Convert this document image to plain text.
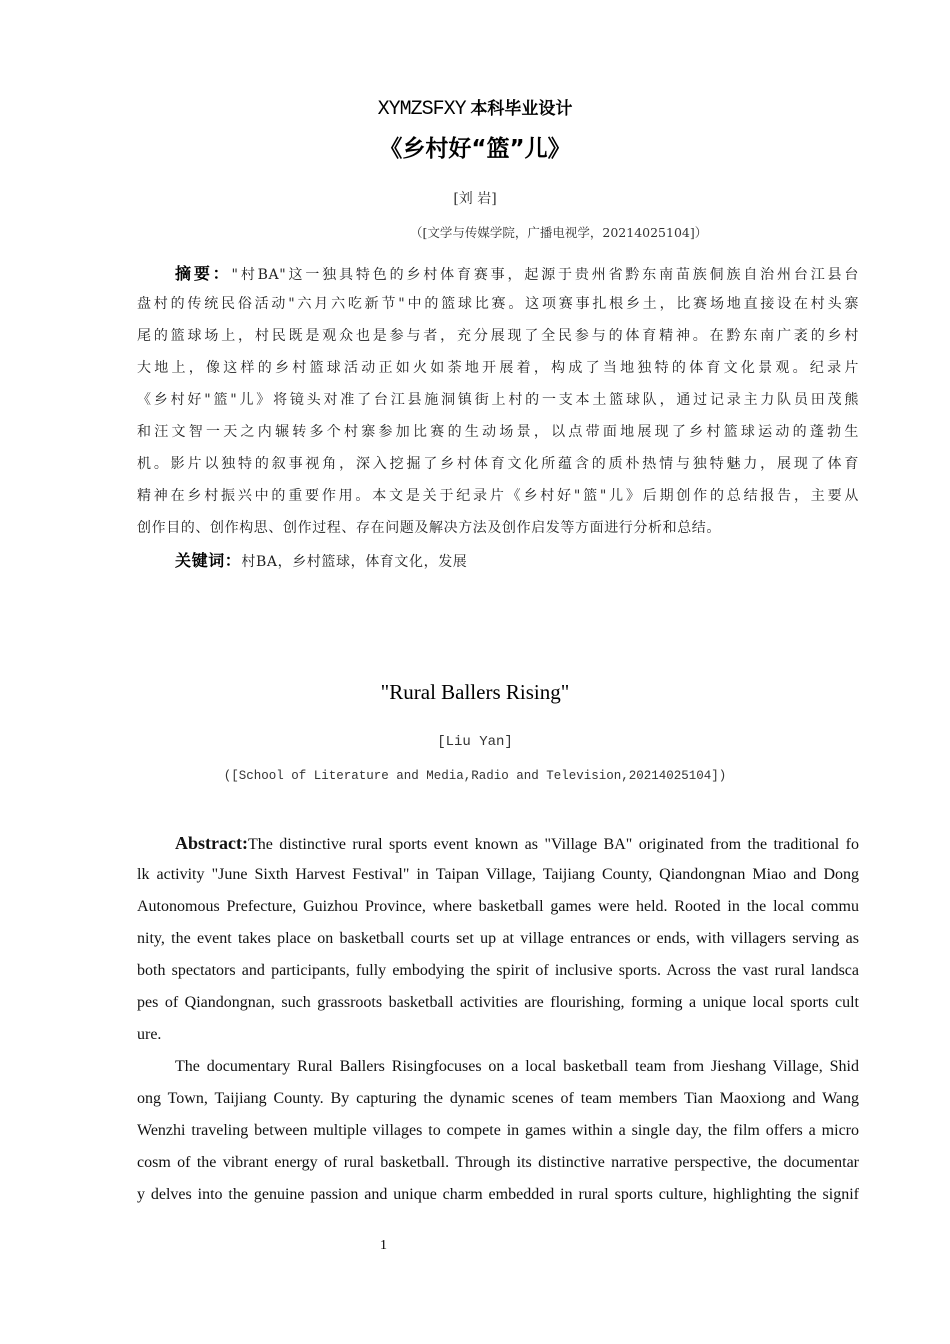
XYMZSFXY 本科毕业设计
《乡村好“篮”儿》
[刘 岩]
（[文学与传媒学院，广播电视学，20214025104]）
摘要："村BA"这一独具特色的乡村体育赛事，起源于贵州省黔东南苗族侗族自治州台江县台
盘村的传统民俗活动"六月六吃新节"中的篮球比赛。这项赛事扎根乡土，比赛场地直接设在村头寨
尾的篮球场上，村民既是观众也是参与者，充分展现了全民参与的体育精神。在黔东南广袤的乡村
大地上，像这样的乡村篮球活动正如火如荼地开展着，构成了当地独特的体育文化景观。纪录片
《乡村好"篮"儿》将镜头对准了台江县施洞镇街上村的一支本土篮球队，通过记录主力队员田茂熊
和汪文智一天之内辗转多个村寨参加比赛的生动场景，以点带面地展现了乡村篮球运动的蓬勃生
机。影片以独特的叙事视角，深入挖掘了乡村体育文化所蕴含的质朴热情与独特魅力，展现了体育
精神在乡村振兴中的重要作用。本文是关于纪录片《乡村好"篮"儿》后期创作的总结报告，主要从
创作目的、创作构思、创作过程、存在问题及解决方法及创作启发等方面进行分析和总结。
关键词：村BA，乡村篮球，体育文化，发展
"Rural Ballers Rising"
[Liu Yan]
([School of Literature and Media,Radio and Television,20214025104])
Abstract:The distinctive rural sports event known as "Village BA" originated from the traditional fo
lk activity "June Sixth Harvest Festival" in Taipan Village, Taijiang County, Qiandongnan Miao and Dong
Autonomous Prefecture, Guizhou Province, where basketball games were held. Rooted in the local commu
nity, the event takes place on basketball courts set up at village entrances or ends, with villagers serving as
both spectators and participants, fully embodying the spirit of inclusive sports. Across the vast rural landsca
pes of Qiandongnan, such grassroots basketball activities are flourishing, forming a unique local sports cult
ure.
The documentary Rural Ballers Risingfocuses on a local basketball team from Jieshang Village, Shid
ong Town, Taijiang County. By capturing the dynamic scenes of team members Tian Maoxiong and Wang
Wenzhi traveling between multiple villages to compete in games within a single day, the film offers a micro
cosm of the vibrant energy of rural basketball. Through its distinctive narrative perspective, the documentar
y delves into the genuine passion and unique charm embedded in rural sports culture, highlighting the signif
1
